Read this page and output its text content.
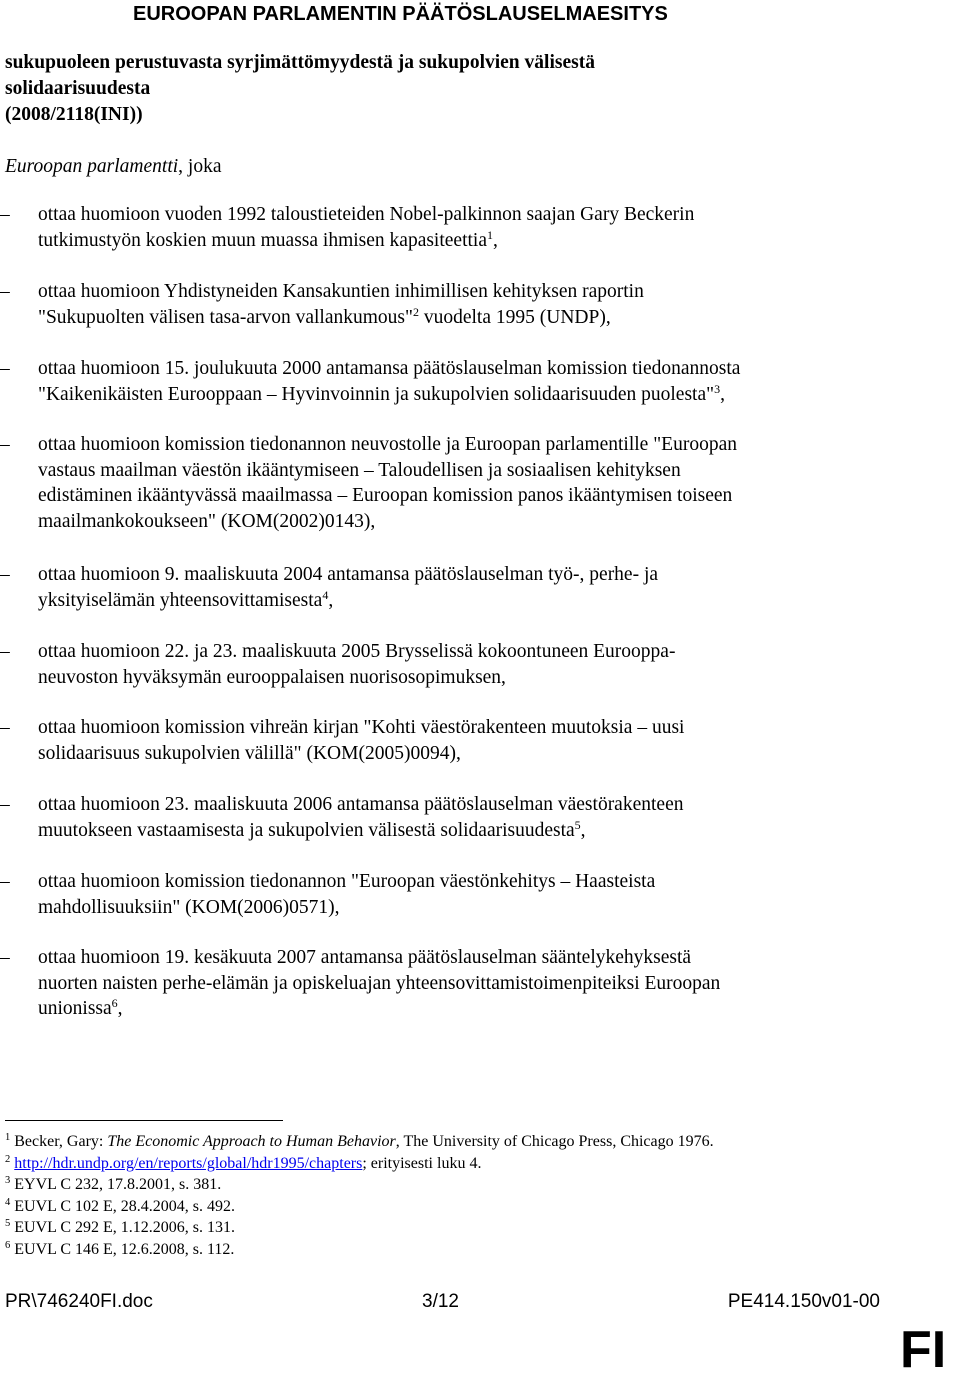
EUROOPAN PARLAMENTIN PÄÄTÖSLAUSELMAESITYS
sukupuoleen perustuvasta syrjimättömyydestä ja sukupolvien välisestä
solidaarisuudesta
(2008/2118(INI))
Euroopan parlamentti, joka
–	ottaa huomioon vuoden 1992 taloustieteiden Nobel-palkinnon saajan Gary Beckerin
tutkimustyön koskien muun muassa ihmisen kapasiteettia$^1$,
–	ottaa huomioon Yhdistyneiden Kansakuntien inhimillisen kehityksen raportin
"Sukupuolten välisen tasa-arvon vallankumous"$^2$ vuodelta 1995 (UNDP),
–	ottaa huomioon 15. joulukuuta 2000 antamansa päätöslauselman komission tiedonannosta
"Kaikenikäisten Eurooppaan – Hyvinvoinnin ja sukupolvien solidaarisuuden puolesta"$^3$,
–	ottaa huomioon komission tiedonannon neuvostolle ja Euroopan parlamentille "Euroopan
vastaus maailman väestön ikääntymiseen – Taloudellisen ja sosiaalisen kehityksen
edistäminen ikääntyvässä maailmassa – Euroopan komission panos ikääntymisen toiseen
maailmankokoukseen" (KOM(2002)0143),
–	ottaa huomioon 9. maaliskuuta 2004 antamansa päätöslauselman työ-, perhe- ja
yksityiselämän yhteensovittamisesta$^4$,
–	ottaa huomioon 22. ja 23. maaliskuuta 2005 Brysselissä kokoontuneen Eurooppa-
neuvoston hyväksymän eurooppalaisen nuorisosopimuksen,
–	ottaa huomioon komission vihreän kirjan "Kohti väestörakenteen muutoksia – uusi
solidaarisuus sukupolvien välillä" (KOM(2005)0094),
–	ottaa huomioon 23. maaliskuuta 2006 antamansa päätöslauselman väestörakenteen
muutokseen vastaamisesta ja sukupolvien välisestä solidaarisuudesta$^5$,
–	ottaa huomioon komission tiedonannon "Euroopan väestönkehitys – Haasteista
mahdollisuuksiin" (KOM(2006)0571),
–	ottaa huomioon 19. kesäkuuta 2007 antamansa päätöslauselman sääntelykehyksestä
nuorten naisten perhe-elämän ja opiskeluajan yhteensovittamistoimenpiteiksi Euroopan
unionissa$^6$,
$^1$ Becker, Gary: The Economic Approach to Human Behavior, The University of Chicago Press, Chicago 1976.
$^2$ http://hdr.undp.org/en/reports/global/hdr1995/chapters; erityisesti luku 4.
$^3$ EYVL C 232, 17.8.2001, s. 381.
$^4$ EUVL C 102 E, 28.4.2004, s. 492.
$^5$ EUVL C 292 E, 1.12.2006, s. 131.
$^6$ EUVL C 146 E, 12.6.2008, s. 112.
PR\746240FI.doc	3/12	PE414.150v01-00
FI
